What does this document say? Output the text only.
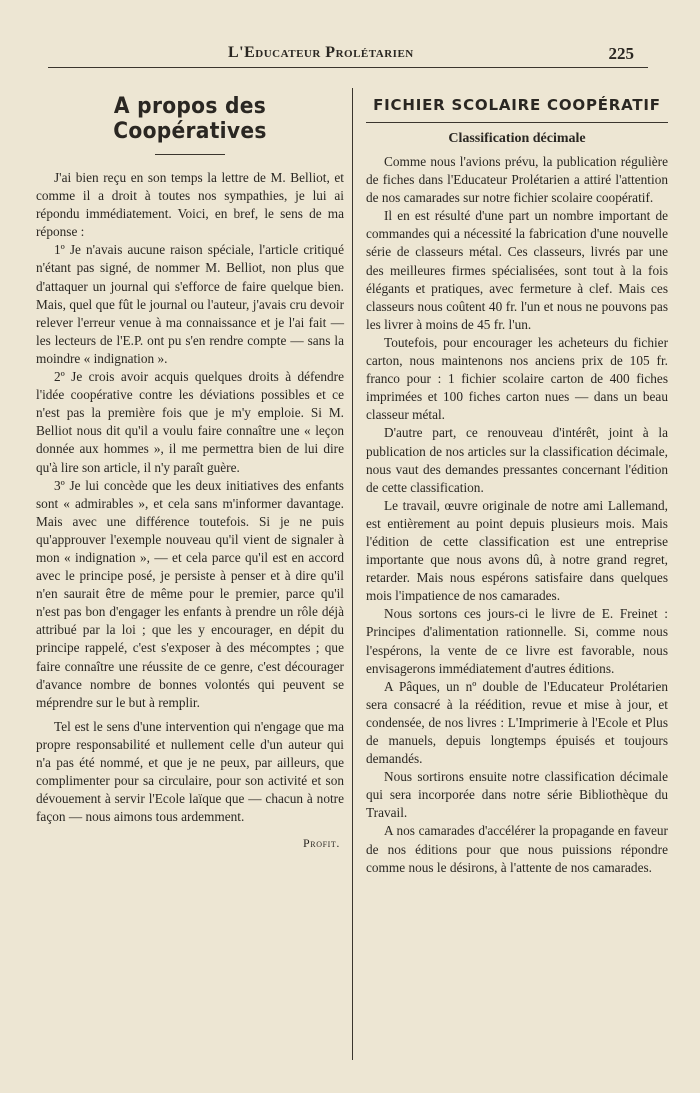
L'Educateur Prolétarien	225
A propos des Coopératives

J'ai bien reçu en son temps la lettre de M. Belliot, et comme il a droit à toutes nos sympathies, je lui ai répondu immédiatement. Voici, en bref, le sens de ma réponse :

1º Je n'avais aucune raison spéciale, l'article critiqué n'étant pas signé, de nommer M. Belliot, non plus que d'attaquer un journal qui s'efforce de faire quelque bien. Mais, quel que fût le journal ou l'auteur, j'avais cru devoir relever l'erreur venue à ma connaissance et je l'ai fait — les lecteurs de l'E.P. ont pu s'en rendre compte — sans la moindre « indignation ».

2º Je crois avoir acquis quelques droits à défendre l'idée coopérative contre les déviations possibles et ce n'est pas la première fois que je m'y emploie. Si M. Belliot nous dit qu'il a voulu faire connaître une « leçon donnée aux hommes », il me permettra bien de lui dire qu'à lire son article, il n'y paraît guère.

3º Je lui concède que les deux initiatives des enfants sont « admirables », et cela sans m'informer davantage. Mais avec une différence toutefois. Si je ne puis qu'approuver l'exemple nouveau qu'il vient de signaler à mon « indignation », — et cela parce qu'il est en accord avec le principe posé, je persiste à penser et à dire qu'il n'en saurait être de même pour le premier, parce qu'il n'est pas bon d'engager les enfants à prendre un rôle déjà attribué par la loi ; que les y encourager, en dépit du principe rappelé, c'est s'exposer à des mécomptes ; que faire connaître une réussite de ce genre, c'est décourager d'avance nombre de bonnes volontés qui peuvent se méprendre sur le but à remplir.

Tel est le sens d'une intervention qui n'engage que ma propre responsabilité et nullement celle d'un auteur qui n'a pas été nommé, et que je ne peux, par ailleurs, que complimenter pour sa circulaire, pour son activité et son dévouement à servir l'Ecole laïque que — chacun à notre façon — nous aimons tous ardemment.

Profit.
FICHIER SCOLAIRE COOPÉRATIF
Classification décimale

Comme nous l'avions prévu, la publication régulière de fiches dans l'Educateur Prolétarien a attiré l'attention de nos camarades sur notre fichier scolaire coopératif.

Il en est résulté d'une part un nombre important de commandes qui a nécessité la fabrication d'une nouvelle série de classeurs métal. Ces classeurs, livrés par une des meilleures firmes spécialisées, sont tout à la fois élégants et pratiques, avec fermeture à clef. Mais ces classeurs nous coûtent 40 fr. l'un et nous ne pouvons pas les livrer à moins de 45 fr. l'un.

Toutefois, pour encourager les acheteurs du fichier carton, nous maintenons nos anciens prix de 105 fr. franco pour : 1 fichier scolaire carton de 400 fiches imprimées et 100 fiches carton nues — dans un beau classeur métal.

D'autre part, ce renouveau d'intérêt, joint à la publication de nos articles sur la classification décimale, nous vaut des demandes pressantes concernant l'édition de cette classification.

Le travail, œuvre originale de notre ami Lallemand, est entièrement au point depuis plusieurs mois. Mais l'édition de cette classification est une entreprise importante que nous avons dû, à notre grand regret, retarder. Mais nous espérons satisfaire dans quelques mois l'impatience de nos camarades.

Nous sortons ces jours-ci le livre de E. Freinet : Principes d'alimentation rationnelle. Si, comme nous l'espérons, la vente de ce livre est favorable, nous envisagerons immédiatement d'autres éditions.

A Pâques, un nº double de l'Educateur Prolétarien sera consacré à la réédition, revue et mise à jour, et condensée, de nos livres : L'Imprimerie à l'Ecole et Plus de manuels, depuis longtemps épuisés et toujours demandés.

Nous sortirons ensuite notre classification décimale qui sera incorporée dans notre série Bibliothèque du Travail.

A nos camarades d'accélérer la propagande en faveur de nos éditions pour que nous puissions répondre comme nous le désirons, à l'attente de nos camarades.
